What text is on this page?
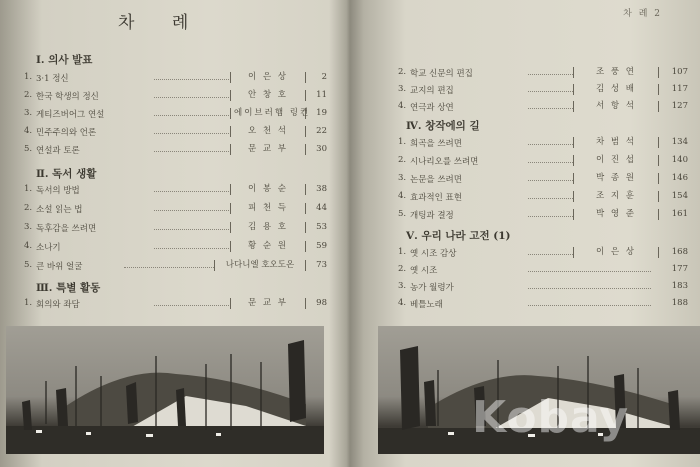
차 례
Ⅰ. 의사 발표
1. 3·1 정신	이 은 상	2
2. 한국 학생의 정신	안 창 호	11
3. 게티즈버어그 연설	에이브러햄 링컨 19
4. 민주주의와 언론	오 천 석	22
5. 연설과 토론	문 교 부	30
Ⅱ. 독서 생활
1. 독서의 방법	이 봉 순	38
2. 소설 읽는 법	피 천 득	44
3. 독후감을 쓰려면	김 용 호	53
4. 소나기	황 순 원	59
5. 큰 바위 얼굴	나다니엘 호오도온	73
Ⅲ. 특별 활동
1. 회의와 좌담	문 교 부	98
차 례 2
2. 학교 신문의 편집	조 풍 연	107
3. 교지의 편집	김 성 배	117
4. 연극과 상연	서 항 석	127
Ⅳ. 창작에의 길
1. 희곡을 쓰려면	차 범 석	134
2. 시나리오를 쓰려면	이 진 섭	140
3. 논문을 쓰려면	박 종 원	146
4. 효과적인 표현	조 지 훈	154
5. 개팅과 결정	박 영 준	161
Ⅴ. 우리 나라 고전 (1)
1. 옛 시조 감상	이 은 상	168
2. 옛 시조	177
3. 농가 월령가	183
4. 베틀노래	188
Kobay
